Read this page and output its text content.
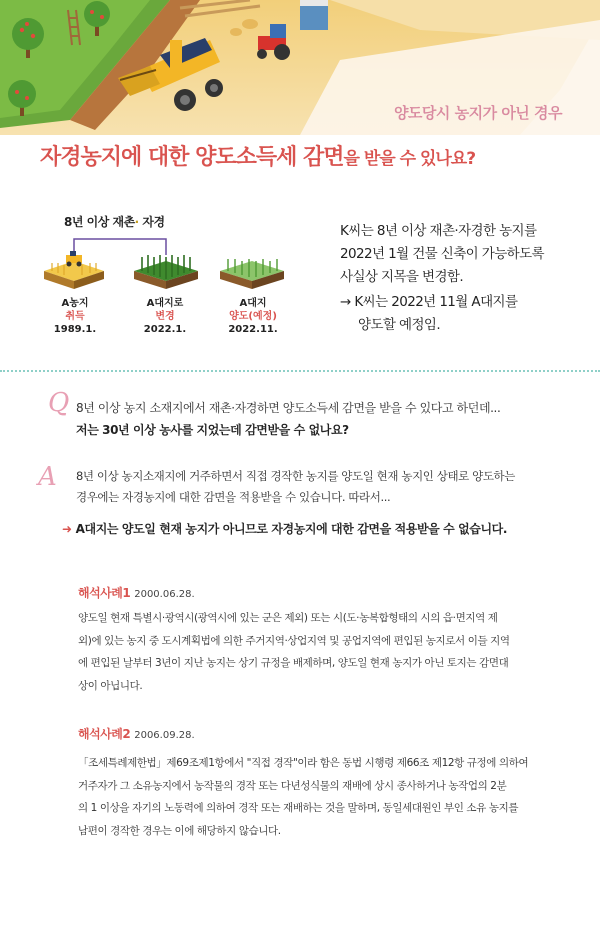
양도당시 농지가 아닌 경우
자경농지에 대한 양도소득세 감면을 받을 수 있나요?
8년 이상 재촌· 자경
A농지
취득
1989.1.
A대지로
변경
2022.1.
A대지
양도(예정)
2022.11.
K씨는 8년 이상 재촌·자경한 농지를
2022년 1월 건물 신축이 가능하도록
사실상 지목을 변경함.
→ K씨는 2022년 11월 A대지를
양도할 예정임.
Q 8년 이상 농지 소재지에서 재촌·자경하면 양도소득세 감면을 받을 수 있다고 하던데...
저는 30년 이상 농사를 지었는데 감면받을 수 없나요?
A 8년 이상 농지소재지에 거주하면서 직접 경작한 농지를 양도일 현재 농지인 상태로 양도하는
경우에는 자경농지에 대한 감면을 적용받을 수 있습니다. 따라서...
➜ A대지는 양도일 현재 농지가 아니므로 자경농지에 대한 감면을 적용받을 수 없습니다.
해석사례1 2000.06.28.
양도일 현재 특별시·광역시(광역시에 있는 군은 제외) 또는 시(도·농복합형태의 시의 읍·면지역 제
외)에 있는 농지 중 도시계획법에 의한 주거지역·상업지역 및 공업지역에 편입된 농지로서 이들 지역
에 편입된 날부터 3년이 지난 농지는 상기 규정을 배제하며, 양도일 현재 농지가 아닌 토지는 감면대
상이 아닙니다.
해석사례2 2006.09.28.
「조세특례제한법」제69조제1항에서 "직접 경작"이라 함은 동법 시행령 제66조 제12항 규정에 의하여
거주자가 그 소유농지에서 농작물의 경작 또는 다년성식물의 재배에 상시 종사하거나 농작업의 2분
의 1 이상을 자기의 노동력에 의하여 경작 또는 재배하는 것을 말하며, 동일세대원인 부인 소유 농지를
남편이 경작한 경우는 이에 해당하지 않습니다.
